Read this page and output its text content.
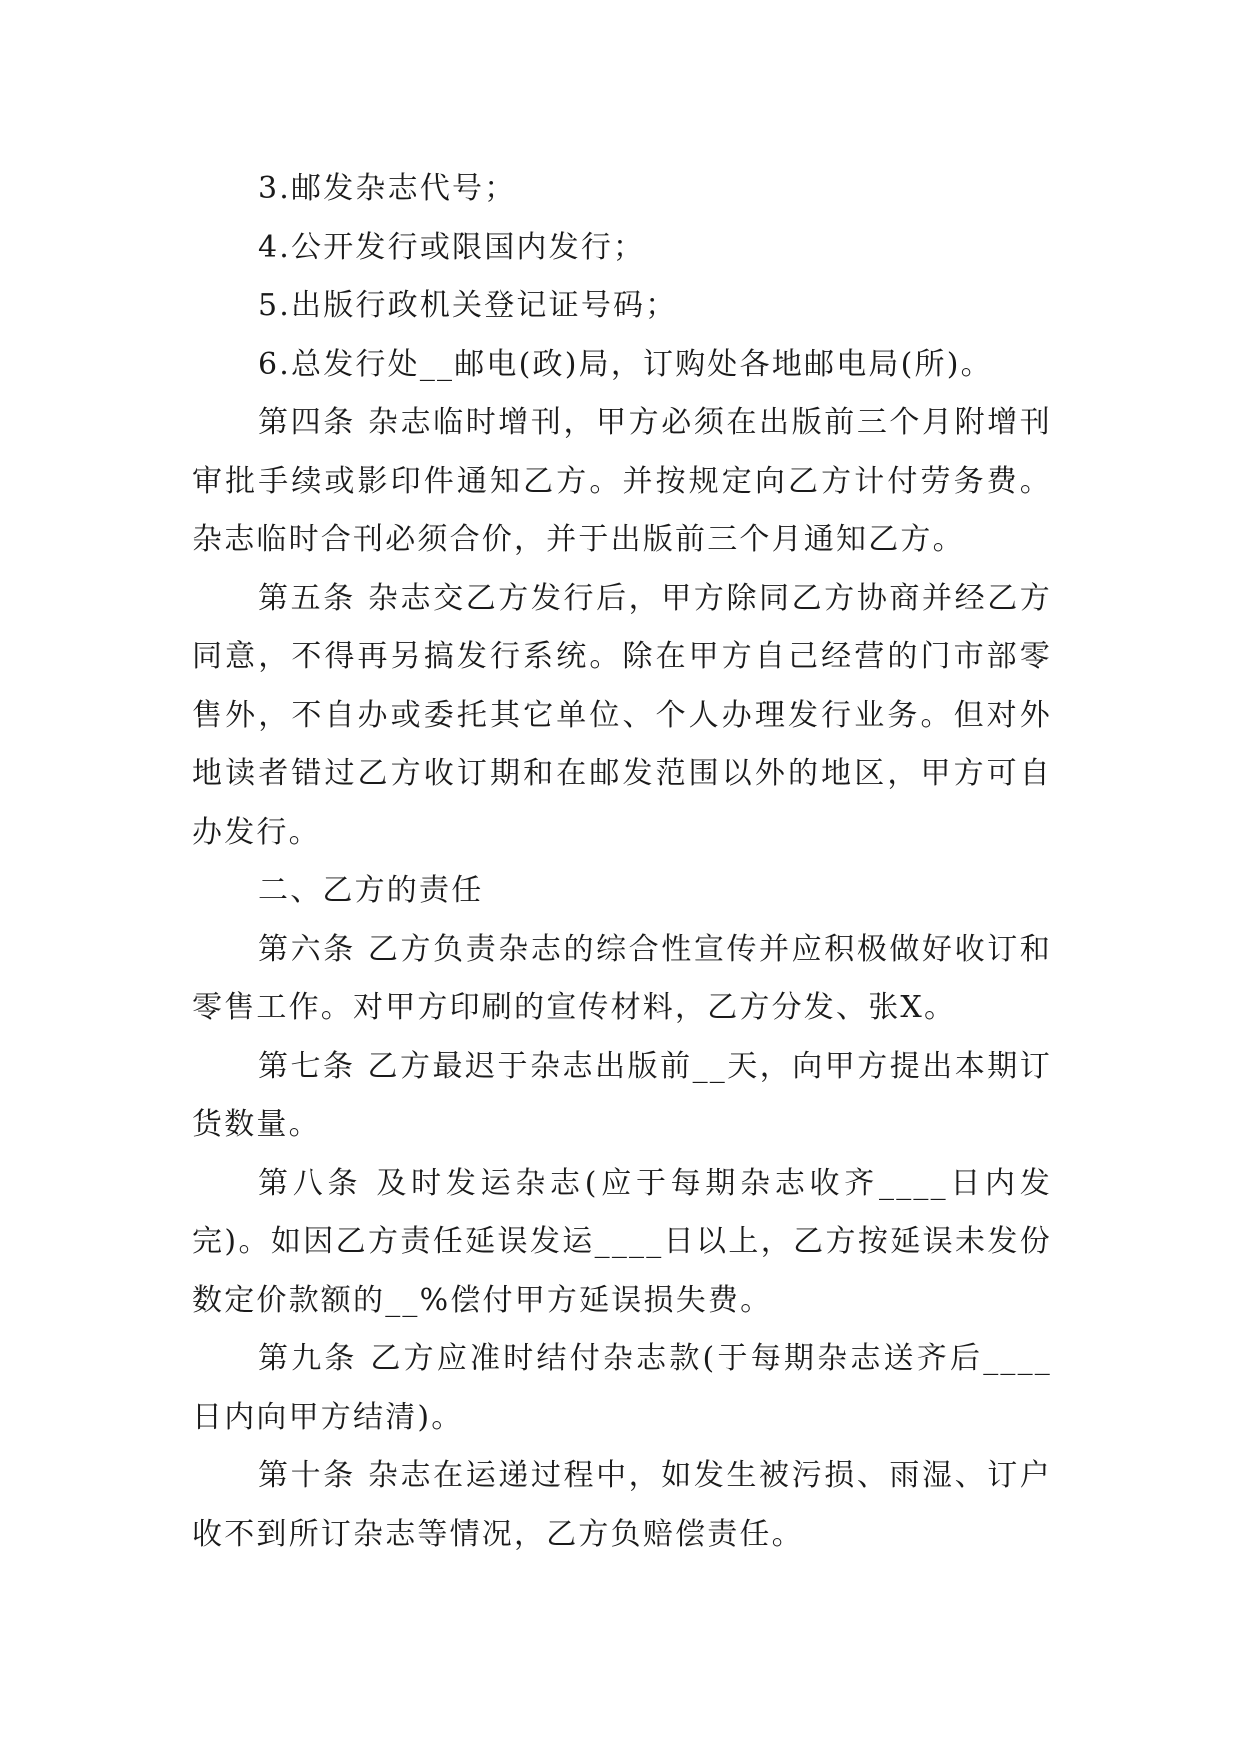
3.邮发杂志代号；

4.公开发行或限国内发行；

5.出版行政机关登记证号码；

6.总发行处__邮电(政)局，订购处各地邮电局(所)。

第四条 杂志临时增刊，甲方必须在出版前三个月附增刊审批手续或影印件通知乙方。并按规定向乙方计付劳务费。杂志临时合刊必须合价，并于出版前三个月通知乙方。

第五条 杂志交乙方发行后，甲方除同乙方协商并经乙方同意，不得再另搞发行系统。除在甲方自己经营的门市部零售外，不自办或委托其它单位、个人办理发行业务。但对外地读者错过乙方收订期和在邮发范围以外的地区，甲方可自办发行。

二、乙方的责任

第六条 乙方负责杂志的综合性宣传并应积极做好收订和零售工作。对甲方印刷的宣传材料，乙方分发、张X。

第七条 乙方最迟于杂志出版前__天，向甲方提出本期订货数量。

第八条 及时发运杂志(应于每期杂志收齐____日内发完)。如因乙方责任延误发运____日以上，乙方按延误未发份数定价款额的__%偿付甲方延误损失费。

第九条 乙方应准时结付杂志款(于每期杂志送齐后____日内向甲方结清)。

第十条 杂志在运递过程中，如发生被污损、雨湿、订户收不到所订杂志等情况，乙方负赔偿责任。
